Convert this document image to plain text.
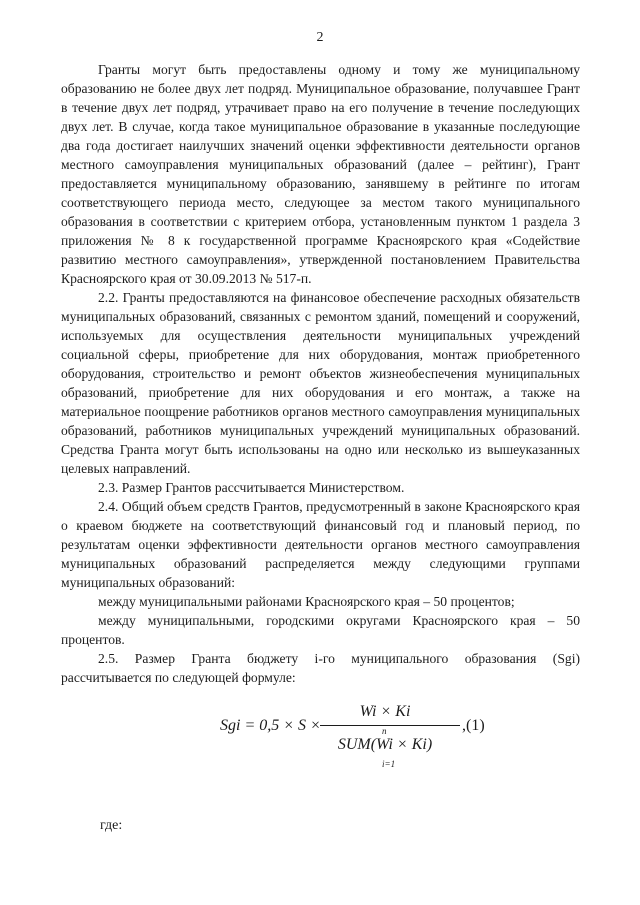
2

Гранты могут быть предоставлены одному и тому же муниципальному образованию не более двух лет подряд. Муниципальное образование, получавшее Грант в течение двух лет подряд, утрачивает право на его получение в течение последующих двух лет. В случае, когда такое муниципальное образование в указанные последующие два года достигает наилучших значений оценки эффективности деятельности органов местного самоуправления муниципальных образований (далее – рейтинг), Грант предоставляется муниципальному образованию, занявшему в рейтинге по итогам соответствующего периода место, следующее за местом такого муниципального образования в соответствии с критерием отбора, установленным пунктом 1 раздела 3 приложения № 8 к государственной программе Красноярского края «Содействие развитию местного самоуправления», утвержденной постановлением Правительства Красноярского края от 30.09.2013 № 517-п.

2.2. Гранты предоставляются на финансовое обеспечение расходных обязательств муниципальных образований, связанных с ремонтом зданий, помещений и сооружений, используемых для осуществления деятельности муниципальных учреждений социальной сферы, приобретение для них оборудования, монтаж приобретенного оборудования, строительство и ремонт объектов жизнеобеспечения муниципальных образований, приобретение для них оборудования и его монтаж, а также на материальное поощрение работников органов местного самоуправления муниципальных образований, работников муниципальных учреждений муниципальных образований. Средства Гранта могут быть использованы на одно или несколько из вышеуказанных целевых направлений.

2.3. Размер Грантов рассчитывается Министерством.

2.4. Общий объем средств Грантов, предусмотренный в законе Красноярского края о краевом бюджете на соответствующий финансовый год и плановый период, по результатам оценки эффективности деятельности органов местного самоуправления муниципальных образований распределяется между следующими группами муниципальных образований:

между муниципальными районами Красноярского края – 50 процентов;

между муниципальными, городскими округами Красноярского края – 50 процентов.

2.5. Размер Гранта бюджету i-го муниципального образования (Sgi) рассчитывается по следующей формуле:

Sgi = 0,5 × S ×
Wi × Ki
n
SUM(Wi × Ki)
i=1
,(1)
где:
